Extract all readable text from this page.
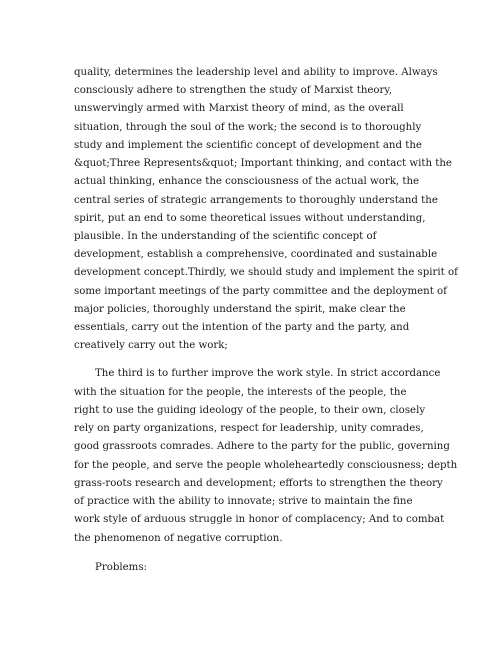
quality, determines the leadership level and ability to improve. Always
consciously adhere to strengthen the study of Marxist theory,
unswervingly armed with Marxist theory of mind, as the overall
situation, through the soul of the work; the second is to thoroughly
study and implement the scientific concept of development and the
&quot;Three Represents&quot; Important thinking, and contact with the
actual thinking, enhance the consciousness of the actual work, the
central series of strategic arrangements to thoroughly understand the
spirit, put an end to some theoretical issues without understanding,
plausible. In the understanding of the scientific concept of
development, establish a comprehensive, coordinated and sustainable
development concept.Thirdly, we should study and implement the spirit of
some important meetings of the party committee and the deployment of
major policies, thoroughly understand the spirit, make clear the
essentials, carry out the intention of the party and the party, and
creatively carry out the work;
The third is to further improve the work style. In strict accordance
with the situation for the people, the interests of the people, the
right to use the guiding ideology of the people, to their own, closely
rely on party organizations, respect for leadership, unity comrades,
good grassroots comrades. Adhere to the party for the public, governing
for the people, and serve the people wholeheartedly consciousness; depth
grass-roots research and development; efforts to strengthen the theory
of practice with the ability to innovate; strive to maintain the fine
work style of arduous struggle in honor of complacency; And to combat
the phenomenon of negative corruption.
Problems:
